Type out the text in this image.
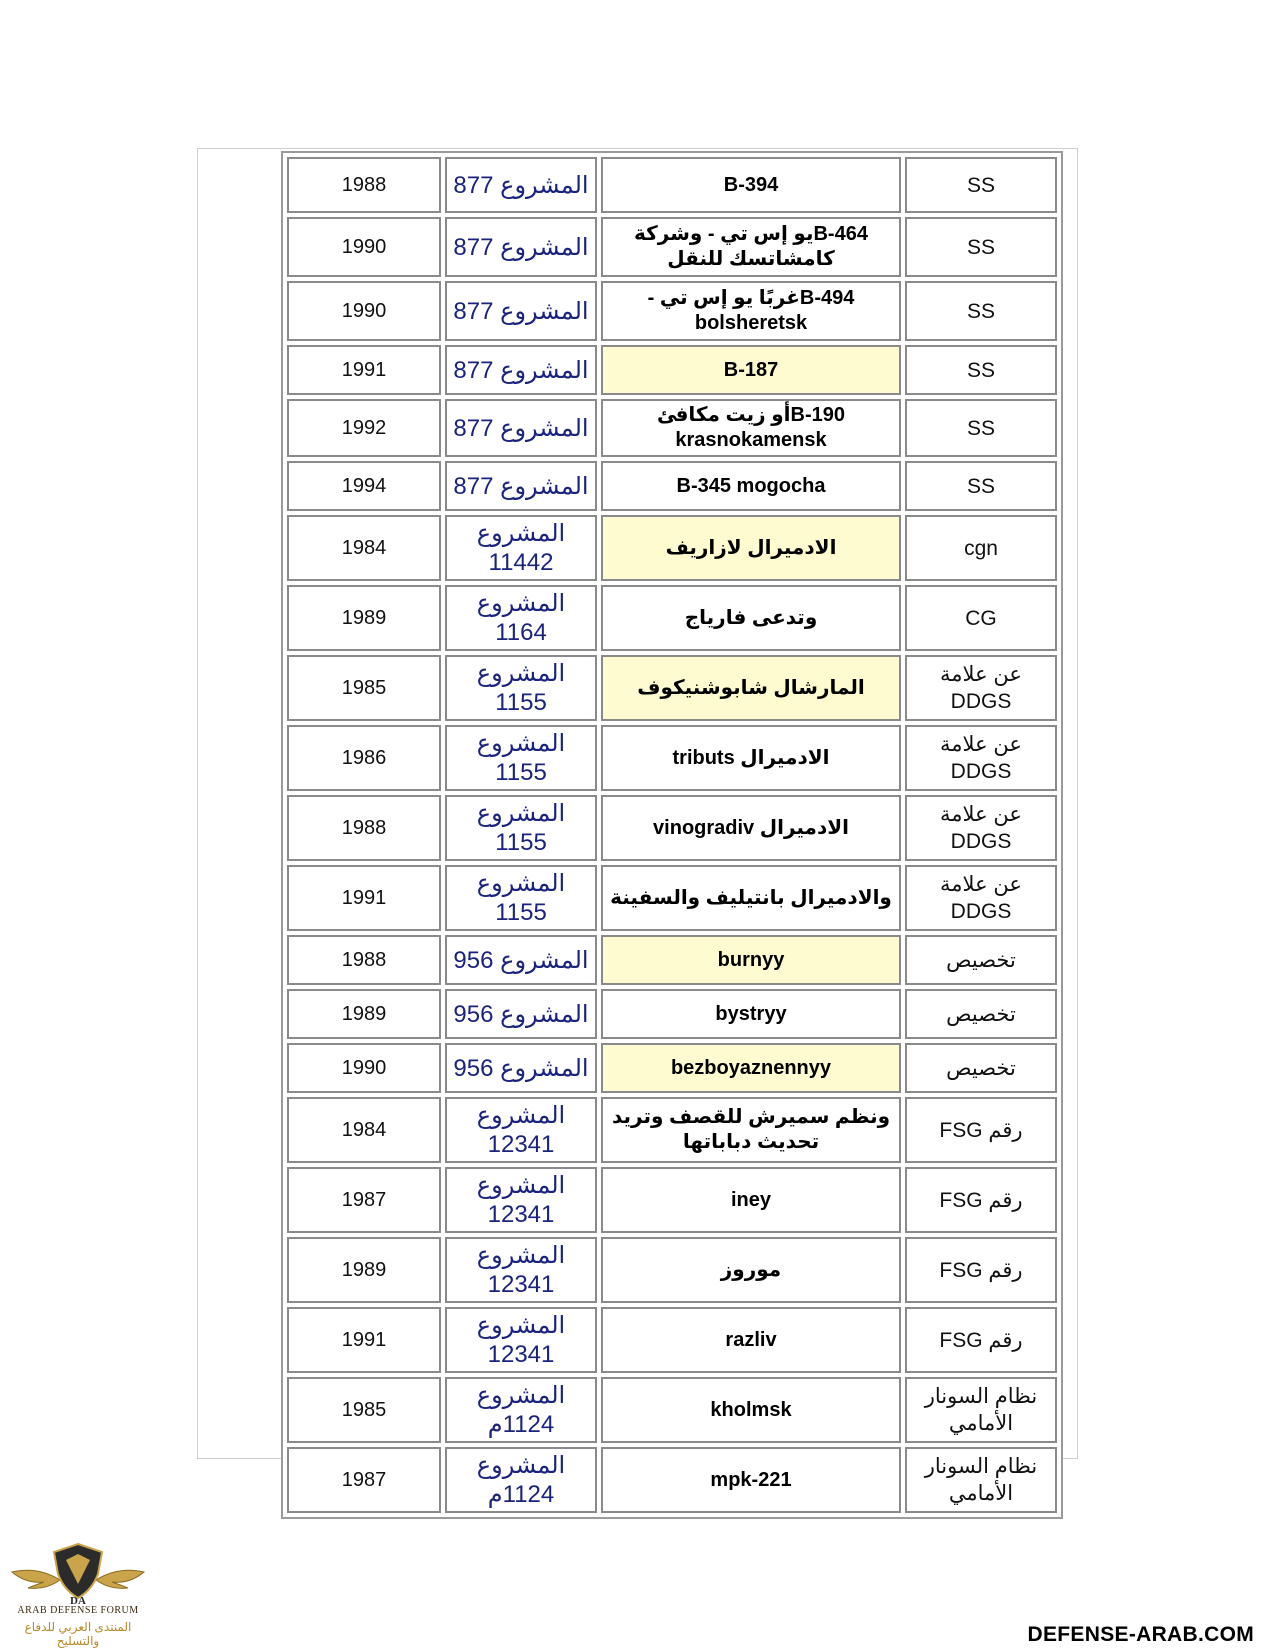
1988	المشروع 877	B-394	SS
1990	المشروع 877	B-464يو إس تي - وشركة كامشاتسك للنقل	SS
1990	المشروع 877	B-494غربًا يو إس تي - bolsheretsk	SS
1991	المشروع 877	B-187	SS
1992	المشروع 877	B-190أو زيت مكافئ krasnokamensk	SS
1994	المشروع 877	B-345 mogocha	SS
1984	المشروع 11442	الادميرال لازاريف	cgn
1989	المشروع 1164	وتدعى فارياج	CG
1985	المشروع 1155	المارشال شابوشنيكوف	عن علامة DDGS
1986	المشروع 1155	الادميرال tributs	عن علامة DDGS
1988	المشروع 1155	الادميرال vinogradiv	عن علامة DDGS
1991	المشروع 1155	والادميرال بانتيليف والسفينة	عن علامة DDGS
1988	المشروع 956	burnyy	تخصيص
1989	المشروع 956	bystryy	تخصيص
1990	المشروع 956	bezboyaznennyy	تخصيص
1984	المشروع 12341	ونظم سميرش للقصف وتريد تحديث دباباتها	رقم FSG
1987	المشروع 12341	iney	رقم FSG
1989	المشروع 12341	موروز	رقم FSG
1991	المشروع 12341	razliv	رقم FSG
1985	المشروع 1124م	kholmsk	نظام السونار الأمامي
1987	المشروع 1124م	mpk-221	نظام السونار الأمامي
DA
ARAB DEFENSE FORUM
المنتدى العربي للدفاع والتسليح	DEFENSE-ARAB.COM
